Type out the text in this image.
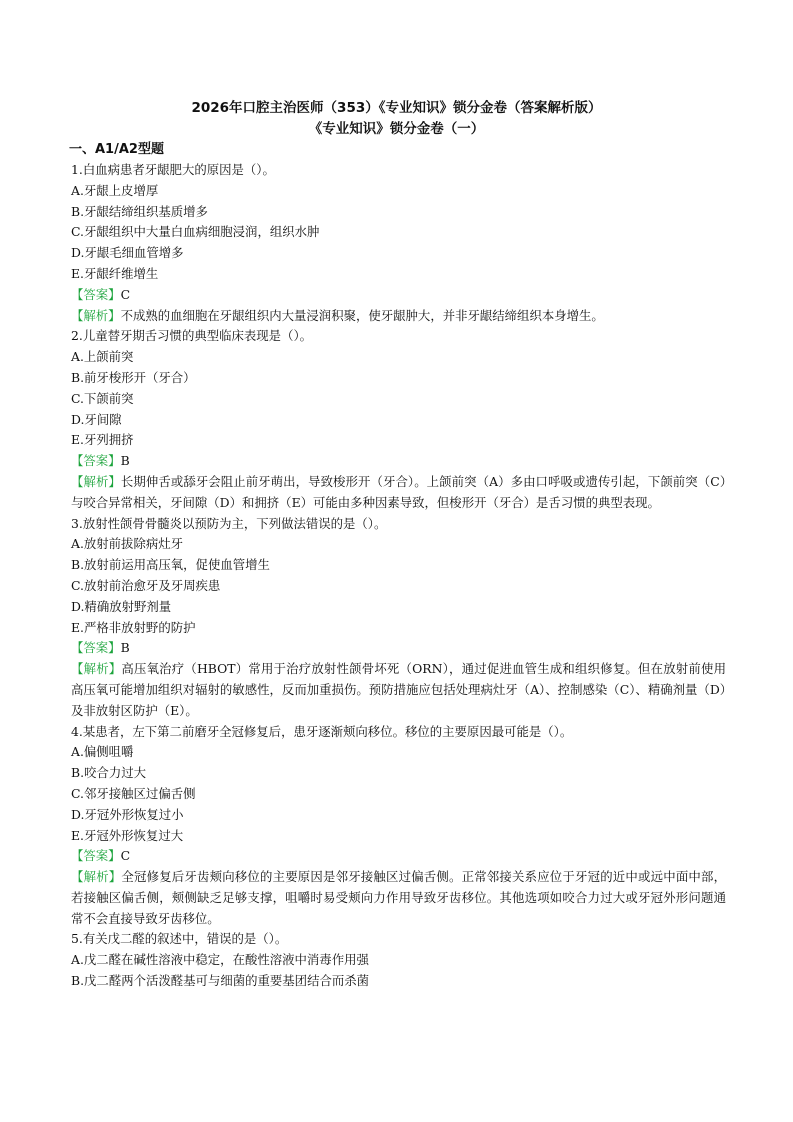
2026年口腔主治医师（353）《专业知识》锁分金卷（答案解析版）
《专业知识》锁分金卷（一）
一、A1/A2型题
1.白血病患者牙龈肥大的原因是（）。
A.牙龈上皮增厚
B.牙龈结缔组织基质增多
C.牙龈组织中大量白血病细胞浸润，组织水肿
D.牙龈毛细血管增多
E.牙龈纤维增生
【答案】C
【解析】不成熟的血细胞在牙龈组织内大量浸润积聚，使牙龈肿大，并非牙龈结缔组织本身增生。
2.儿童替牙期舌习惯的典型临床表现是（）。
A.上颌前突
B.前牙梭形开（牙合）
C.下颌前突
D.牙间隙
E.牙列拥挤
【答案】B
【解析】长期伸舌或舔牙会阻止前牙萌出，导致梭形开（牙合）。上颌前突（A）多由口呼吸或遗传引起，下颌前突（C）与咬合异常相关，牙间隙（D）和拥挤（E）可能由多种因素导致，但梭形开（牙合）是舌习惯的典型表现。
3.放射性颌骨骨髓炎以预防为主，下列做法错误的是（）。
A.放射前拔除病灶牙
B.放射前运用高压氧，促使血管增生
C.放射前治愈牙及牙周疾患
D.精确放射野剂量
E.严格非放射野的防护
【答案】B
【解析】高压氧治疗（HBOT）常用于治疗放射性颌骨坏死（ORN），通过促进血管生成和组织修复。但在放射前使用高压氧可能增加组织对辐射的敏感性，反而加重损伤。预防措施应包括处理病灶牙（A）、控制感染（C）、精确剂量（D）及非放射区防护（E）。
4.某患者，左下第二前磨牙全冠修复后，患牙逐渐颊向移位。移位的主要原因最可能是（）。
A.偏侧咀嚼
B.咬合力过大
C.邻牙接触区过偏舌侧
D.牙冠外形恢复过小
E.牙冠外形恢复过大
【答案】C
【解析】全冠修复后牙齿颊向移位的主要原因是邻牙接触区过偏舌侧。正常邻接关系应位于牙冠的近中或远中面中部，若接触区偏舌侧，颊侧缺乏足够支撑，咀嚼时易受颊向力作用导致牙齿移位。其他选项如咬合力过大或牙冠外形问题通常不会直接导致牙齿移位。
5.有关戊二醛的叙述中，错误的是（）。
A.戊二醛在碱性溶液中稳定，在酸性溶液中消毒作用强
B.戊二醛两个活泼醛基可与细菌的重要基团结合而杀菌
